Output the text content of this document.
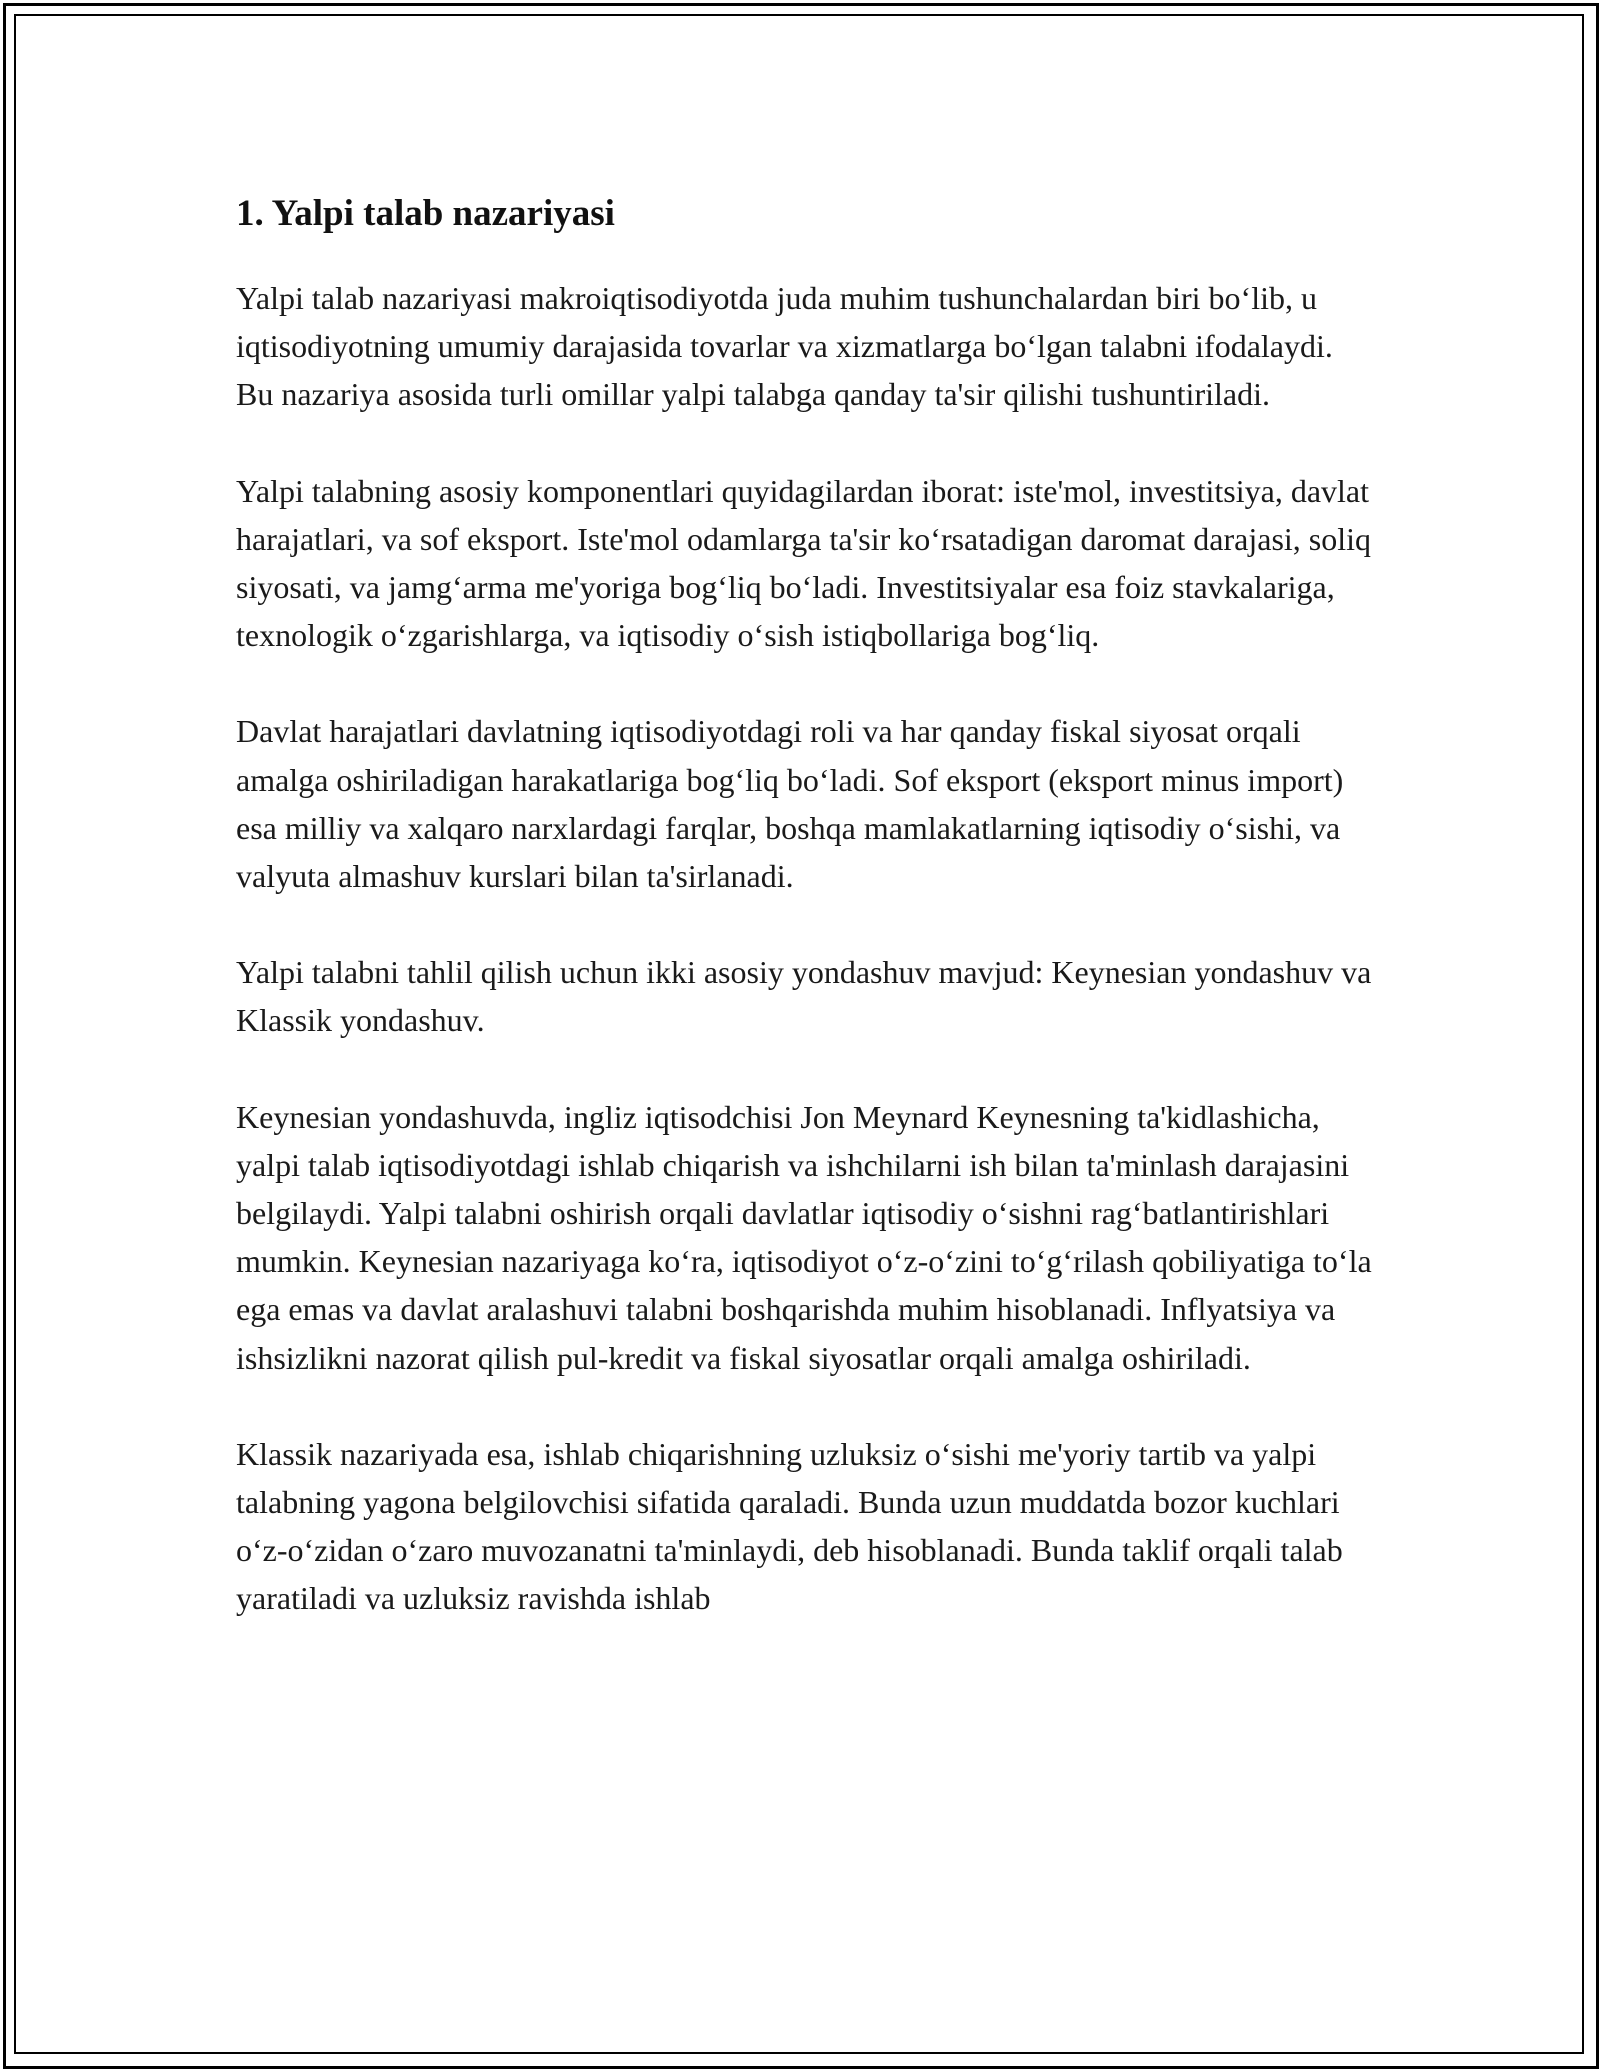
1. Yalpi talab nazariyasi

Yalpi talab nazariyasi makroiqtisodiyotda juda muhim tushunchalardan biri bo‘lib, u iqtisodiyotning umumiy darajasida tovarlar va xizmatlarga bo‘lgan talabni ifodalaydi. Bu nazariya asosida turli omillar yalpi talabga qanday ta'sir qilishi tushuntiriladi.

Yalpi talabning asosiy komponentlari quyidagilardan iborat: iste'mol, investitsiya, davlat harajatlari, va sof eksport. Iste'mol odamlarga ta'sir ko‘rsatadigan daromat darajasi, soliq siyosati, va jamg‘arma me'yoriga bog‘liq bo‘ladi. Investitsiyalar esa foiz stavkalariga, texnologik o‘zgarishlarga, va iqtisodiy o‘sish istiqbollariga bog‘liq.

Davlat harajatlari davlatning iqtisodiyotdagi roli va har qanday fiskal siyosat orqali amalga oshiriladigan harakatlariga bog‘liq bo‘ladi. Sof eksport (eksport minus import) esa milliy va xalqaro narxlardagi farqlar, boshqa mamlakatlarning iqtisodiy o‘sishi, va valyuta almashuv kurslari bilan ta'sirlanadi.

Yalpi talabni tahlil qilish uchun ikki asosiy yondashuv mavjud: Keynesian yondashuv va Klassik yondashuv.

Keynesian yondashuvda, ingliz iqtisodchisi Jon Meynard Keynesning ta'kidlashicha, yalpi talab iqtisodiyotdagi ishlab chiqarish va ishchilarni ish bilan ta'minlash darajasini belgilaydi. Yalpi talabni oshirish orqali davlatlar iqtisodiy o‘sishni rag‘batlantirishlari mumkin. Keynesian nazariyaga ko‘ra, iqtisodiyot o‘z-o‘zini to‘g‘rilash qobiliyatiga to‘la ega emas va davlat aralashuvi talabni boshqarishda muhim hisoblanadi. Inflyatsiya va ishsizlikni nazorat qilish pul-kredit va fiskal siyosatlar orqali amalga oshiriladi.

Klassik nazariyada esa, ishlab chiqarishning uzluksiz o‘sishi me'yoriy tartib va yalpi talabning yagona belgilovchisi sifatida qaraladi. Bunda uzun muddatda bozor kuchlari o‘z-o‘zidan o‘zaro muvozanatni ta'minlaydi, deb hisoblanadi. Bunda taklif orqali talab yaratiladi va uzluksiz ravishda ishlab
